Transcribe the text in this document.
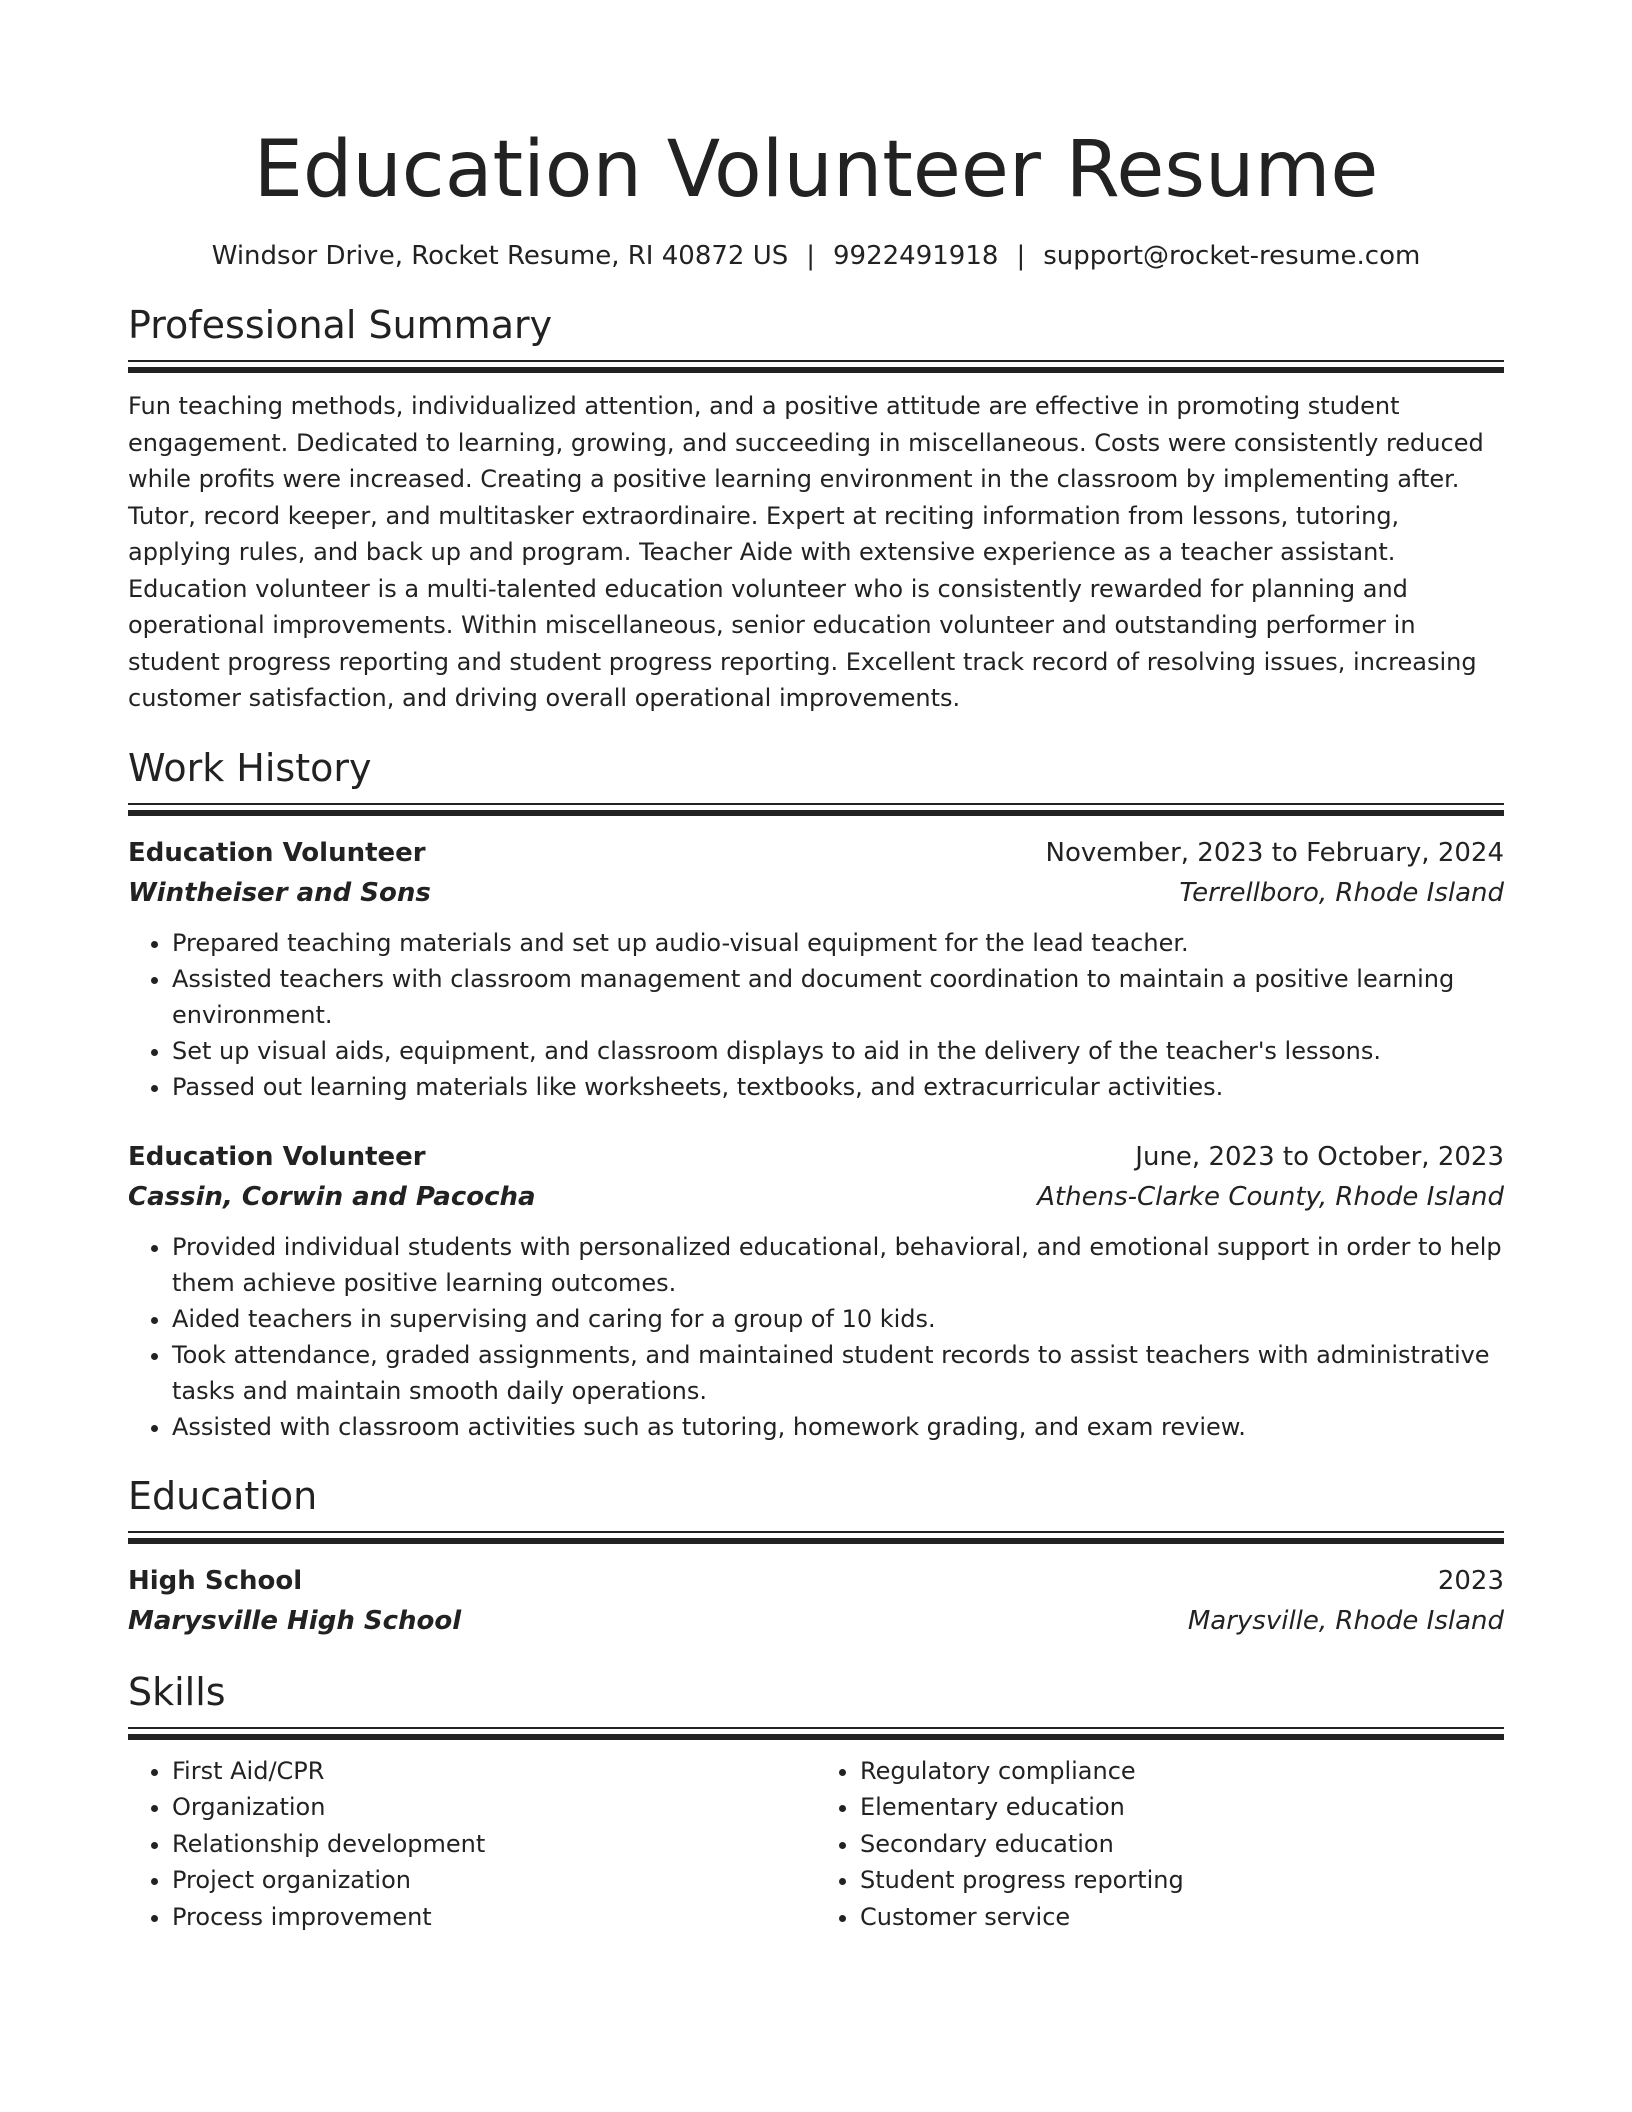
Education Volunteer Resume
Windsor Drive, Rocket Resume, RI 40872 US | 9922491918 | support@rocket-resume.com
Professional Summary
Fun teaching methods, individualized attention, and a positive attitude are effective in promoting student engagement. Dedicated to learning, growing, and succeeding in miscellaneous. Costs were consistently reduced while profits were increased. Creating a positive learning environment in the classroom by implementing after. Tutor, record keeper, and multitasker extraordinaire. Expert at reciting information from lessons, tutoring, applying rules, and back up and program. Teacher Aide with extensive experience as a teacher assistant. Education volunteer is a multi-talented education volunteer who is consistently rewarded for planning and operational improvements. Within miscellaneous, senior education volunteer and outstanding performer in student progress reporting and student progress reporting. Excellent track record of resolving issues, increasing customer satisfaction, and driving overall operational improvements.
Work History
Education Volunteer	November, 2023 to February, 2024
Wintheiser and Sons	Terrellboro, Rhode Island
• Prepared teaching materials and set up audio-visual equipment for the lead teacher.
• Assisted teachers with classroom management and document coordination to maintain a positive learning environment.
• Set up visual aids, equipment, and classroom displays to aid in the delivery of the teacher's lessons.
• Passed out learning materials like worksheets, textbooks, and extracurricular activities.
Education Volunteer	June, 2023 to October, 2023
Cassin, Corwin and Pacocha	Athens-Clarke County, Rhode Island
• Provided individual students with personalized educational, behavioral, and emotional support in order to help them achieve positive learning outcomes.
• Aided teachers in supervising and caring for a group of 10 kids.
• Took attendance, graded assignments, and maintained student records to assist teachers with administrative tasks and maintain smooth daily operations.
• Assisted with classroom activities such as tutoring, homework grading, and exam review.
Education
High School	2023
Marysville High School	Marysville, Rhode Island
Skills
• First Aid/CPR
• Organization
• Relationship development
• Project organization
• Process improvement
• Regulatory compliance
• Elementary education
• Secondary education
• Student progress reporting
• Customer service
